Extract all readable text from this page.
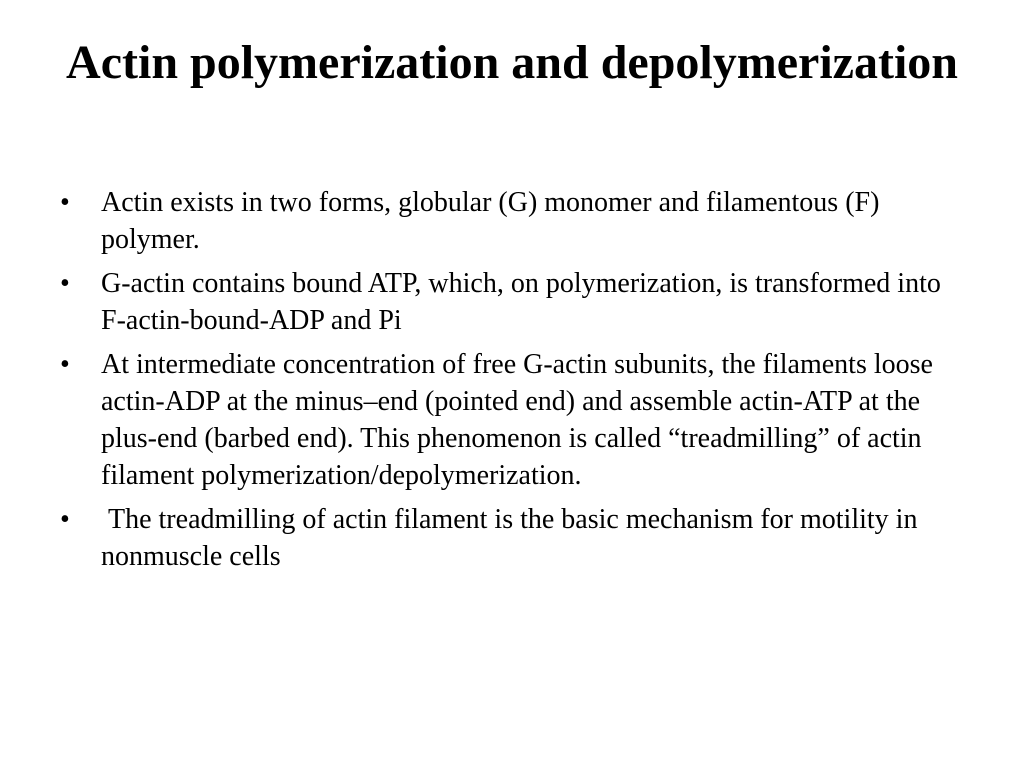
Actin polymerization and depolymerization
•	Actin exists in two forms, globular (G) monomer and filamentous (F) polymer.
•	G-actin contains bound ATP, which, on polymerization, is transformed into F-actin-bound-ADP and Pi
•	At intermediate concentration of free G-actin subunits, the filaments loose actin-ADP at the minus–end (pointed end) and assemble actin-ATP at the plus-end (barbed end). This phenomenon is called “treadmilling” of actin filament polymerization/depolymerization.
•	The treadmilling of actin filament is the basic mechanism for motility in nonmuscle cells
